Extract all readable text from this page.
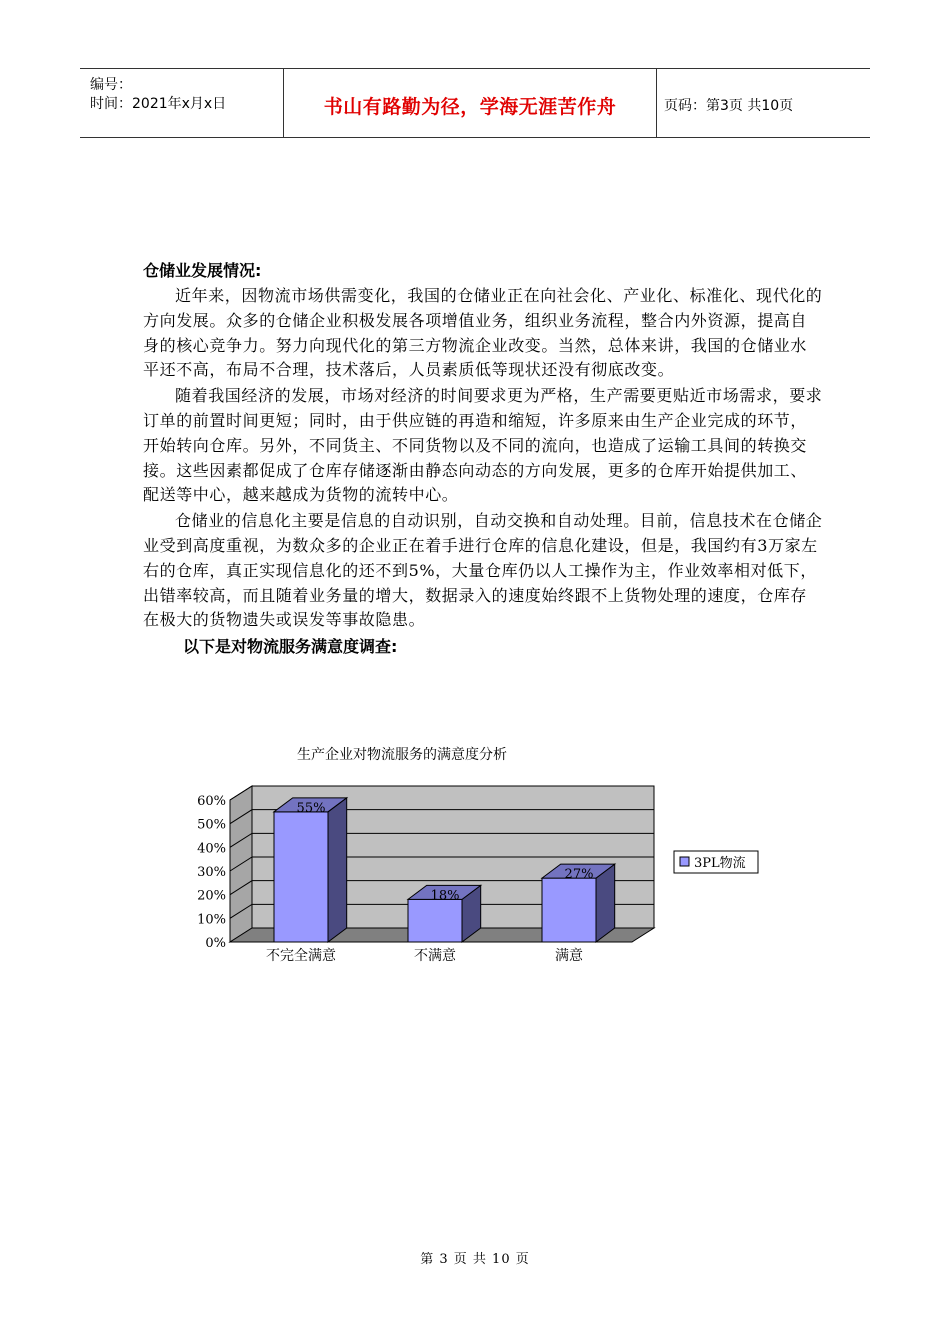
编号：
时间：2021年x月x日	书山有路勤为径，学海无涯苦作舟	页码：第3页 共10页
仓储业发展情况:

近年来，因物流市场供需变化，我国的仓储业正在向社会化、产业化、标准化、现代化的方向发展。众多的仓储企业积极发展各项增值业务，组织业务流程，整合内外资源，提高自身的核心竞争力。努力向现代化的第三方物流企业改变。当然，总体来讲，我国的仓储业水平还不高，布局不合理，技术落后，人员素质低等现状还没有彻底改变。

随着我国经济的发展，市场对经济的时间要求更为严格，生产需要更贴近市场需求，要求订单的前置时间更短；同时，由于供应链的再造和缩短，许多原来由生产企业完成的环节，开始转向仓库。另外，不同货主、不同货物以及不同的流向，也造成了运输工具间的转换交接。这些因素都促成了仓库存储逐渐由静态向动态的方向发展，更多的仓库开始提供加工、配送等中心，越来越成为货物的流转中心。

仓储业的信息化主要是信息的自动识别，自动交换和自动处理。目前，信息技术在仓储企业受到高度重视，为数众多的企业正在着手进行仓库的信息化建设，但是，我国约有3万家左右的仓库，真正实现信息化的还不到5%，大量仓库仍以人工操作为主，作业效率相对低下，出错率较高，而且随着业务量的增大，数据录入的速度始终跟不上货物处理的速度，仓库存在极大的货物遗失或误发等事故隐患。

以下是对物流服务满意度调查:
生产企业对物流服务的满意度分析
0%
10%
20%
30%
40%
50%
60%	55%
不完全满意
18%
不满意
27%
满意
3PL物流
第 3 页 共 10 页
